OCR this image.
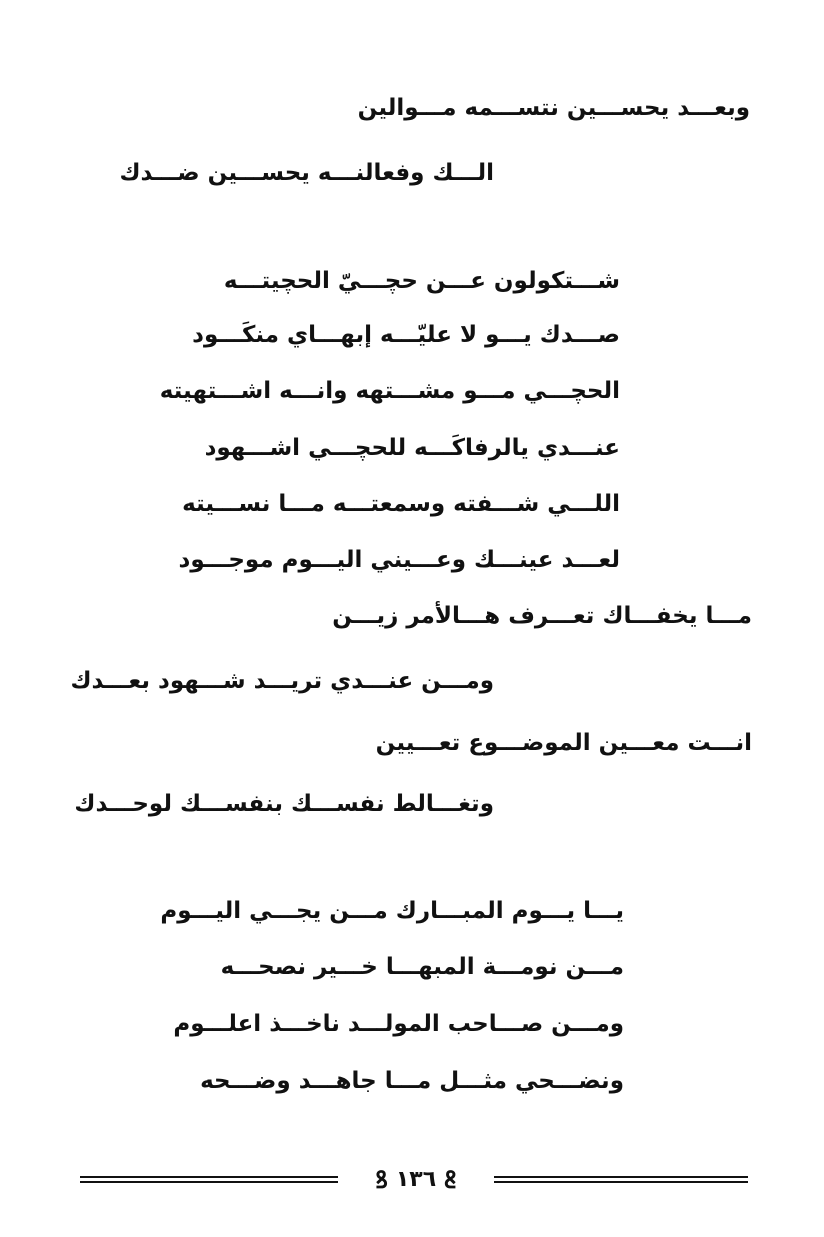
وبعـــد يحســـين نتســـمه مـــوالين
الـــك وفعالنـــه يحســـين ضـــدك
شـــتكولون عـــن حچـــيّ الحچيتـــه
صـــدك يـــو لا عليّـــه إبهـــاي منكَـــود
الحچـــي مـــو مشـــتهه وانـــه اشـــتهيته
عنـــدي يالرفاكَـــه للحچـــي اشـــهود
اللـــي شـــفته وسمعتـــه مـــا نســـيته
لعـــد عينـــك وعـــيني اليـــوم موجـــود
مـــا يخفـــاك تعـــرف هـــالأمر زيـــن
ومـــن عنـــدي تريـــد شـــهود بعـــدك
انـــت معـــين الموضـــوع تعـــيين
وتغـــالط نفســـك بنفســـك لوحـــدك
يـــا يـــوم المبـــارك مـــن يجـــي اليـــوم
مـــن نومـــة المبهـــا خـــير نصحـــه
ومـــن صـــاحب المولـــد ناخـــذ اعلـــوم
ونضـــحي مثـــل مـــا جاهـــد وضـــحه
ꝸ ١٣٦ ꝸ
